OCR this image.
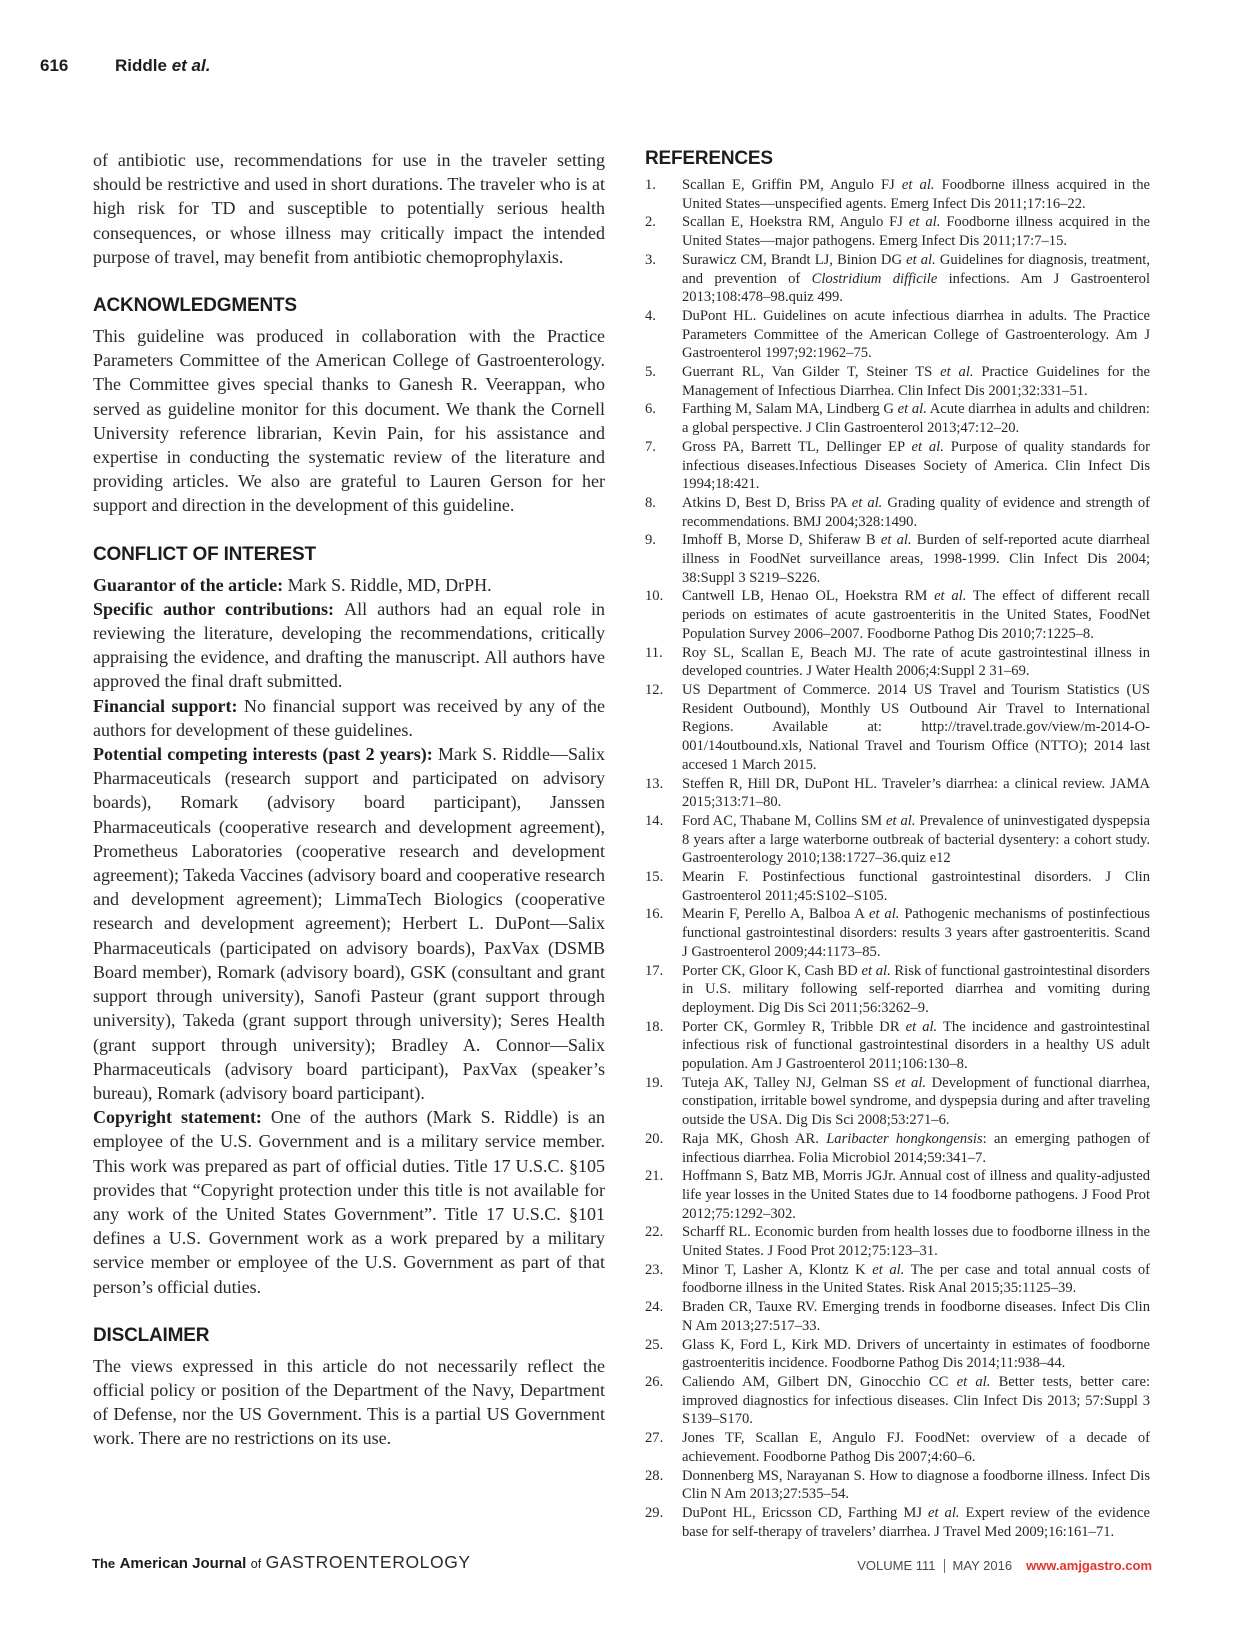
616	Riddle et al.

of antibiotic use, recommendations for use in the traveler setting should be restrictive and used in short durations. The traveler who is at high risk for TD and susceptible to potentially serious health consequences, or whose illness may critically impact the intended purpose of travel, may benefit from antibiotic chemoprophylaxis.

ACKNOWLEDGMENTS

This guideline was produced in collaboration with the Practice Parameters Committee of the American College of Gastroenterology. The Committee gives special thanks to Ganesh R. Veerappan, who served as guideline monitor for this document. We thank the Cornell University reference librarian, Kevin Pain, for his assistance and expertise in conducting the systematic review of the literature and providing articles. We also are grateful to Lauren Gerson for her support and direction in the development of this guideline.

CONFLICT OF INTEREST

Guarantor of the article: Mark S. Riddle, MD, DrPH.

Specific author contributions: All authors had an equal role in reviewing the literature, developing the recommendations, critically appraising the evidence, and drafting the manuscript. All authors have approved the final draft submitted.

Financial support: No financial support was received by any of the authors for development of these guidelines.

Potential competing interests (past 2 years): Mark S. Riddle—Salix Pharmaceuticals (research support and participated on advisory boards), Romark (advisory board participant), Janssen Pharmaceuticals (cooperative research and development agreement), Prometheus Laboratories (cooperative research and development agreement); Takeda Vaccines (advisory board and cooperative research and development agreement); LimmaTech Biologics (cooperative research and development agreement); Herbert L. DuPont—Salix Pharmaceuticals (participated on advisory boards), PaxVax (DSMB Board member), Romark (advisory board), GSK (consultant and grant support through university), Sanofi Pasteur (grant support through university), Takeda (grant support through university); Seres Health (grant support through university); Bradley A. Connor—Salix Pharmaceuticals (advisory board participant), PaxVax (speaker’s bureau), Romark (advisory board participant).

Copyright statement: One of the authors (Mark S. Riddle) is an employee of the U.S. Government and is a military service member. This work was prepared as part of official duties. Title 17 U.S.C. §105 provides that “Copyright protection under this title is not available for any work of the United States Government”. Title 17 U.S.C. §101 defines a U.S. Government work as a work prepared by a military service member or employee of the U.S. Government as part of that person’s official duties.

DISCLAIMER

The views expressed in this article do not necessarily reflect the official policy or position of the Department of the Navy, Department of Defense, nor the US Government. This is a partial US Government work. There are no restrictions on its use.

REFERENCES
1.	Scallan E, Griffin PM, Angulo FJ et al. Foodborne illness acquired in the United States—unspecified agents. Emerg Infect Dis 2011;17:16–22.
2.	Scallan E, Hoekstra RM, Angulo FJ et al. Foodborne illness acquired in the United States—major pathogens. Emerg Infect Dis 2011;17:7–15.
3.	Surawicz CM, Brandt LJ, Binion DG et al. Guidelines for diagnosis, treatment, and prevention of Clostridium difficile infections. Am J Gastroenterol 2013;108:478–98.quiz 499.
4.	DuPont HL. Guidelines on acute infectious diarrhea in adults. The Practice Parameters Committee of the American College of Gastroenterology. Am J Gastroenterol 1997;92:1962–75.
5.	Guerrant RL, Van Gilder T, Steiner TS et al. Practice Guidelines for the Management of Infectious Diarrhea. Clin Infect Dis 2001;32:331–51.
6.	Farthing M, Salam MA, Lindberg G et al. Acute diarrhea in adults and children: a global perspective. J Clin Gastroenterol 2013;47:12–20.
7.	Gross PA, Barrett TL, Dellinger EP et al. Purpose of quality standards for infectious diseases.Infectious Diseases Society of America. Clin Infect Dis 1994;18:421.
8.	Atkins D, Best D, Briss PA et al. Grading quality of evidence and strength of recommendations. BMJ 2004;328:1490.
9.	Imhoff B, Morse D, Shiferaw B et al. Burden of self-reported acute diarrheal illness in FoodNet surveillance areas, 1998-1999. Clin Infect Dis 2004; 38:Suppl 3 S219–S226.
10.	Cantwell LB, Henao OL, Hoekstra RM et al. The effect of different recall periods on estimates of acute gastroenteritis in the United States, FoodNet Population Survey 2006–2007. Foodborne Pathog Dis 2010;7:1225–8.
11.	Roy SL, Scallan E, Beach MJ. The rate of acute gastrointestinal illness in developed countries. J Water Health 2006;4:Suppl 2 31–69.
12.	US Department of Commerce. 2014 US Travel and Tourism Statistics (US Resident Outbound), Monthly US Outbound Air Travel to International Regions. Available at: http://travel.trade.gov/view/m-2014-O-001/14outbound.xls, National Travel and Tourism Office (NTTO); 2014 last accesed 1 March 2015.
13.	Steffen R, Hill DR, DuPont HL. Traveler’s diarrhea: a clinical review. JAMA 2015;313:71–80.
14.	Ford AC, Thabane M, Collins SM et al. Prevalence of uninvestigated dyspepsia 8 years after a large waterborne outbreak of bacterial dysentery: a cohort study. Gastroenterology 2010;138:1727–36.quiz e12
15.	Mearin F. Postinfectious functional gastrointestinal disorders. J Clin Gastroenterol 2011;45:S102–S105.
16.	Mearin F, Perello A, Balboa A et al. Pathogenic mechanisms of postinfectious functional gastrointestinal disorders: results 3 years after gastroenteritis. Scand J Gastroenterol 2009;44:1173–85.
17.	Porter CK, Gloor K, Cash BD et al. Risk of functional gastrointestinal disorders in U.S. military following self-reported diarrhea and vomiting during deployment. Dig Dis Sci 2011;56:3262–9.
18.	Porter CK, Gormley R, Tribble DR et al. The incidence and gastrointestinal infectious risk of functional gastrointestinal disorders in a healthy US adult population. Am J Gastroenterol 2011;106:130–8.
19.	Tuteja AK, Talley NJ, Gelman SS et al. Development of functional diarrhea, constipation, irritable bowel syndrome, and dyspepsia during and after traveling outside the USA. Dig Dis Sci 2008;53:271–6.
20.	Raja MK, Ghosh AR. Laribacter hongkongensis: an emerging pathogen of infectious diarrhea. Folia Microbiol 2014;59:341–7.
21.	Hoffmann S, Batz MB, Morris JGJr. Annual cost of illness and quality-adjusted life year losses in the United States due to 14 foodborne pathogens. J Food Prot 2012;75:1292–302.
22.	Scharff RL. Economic burden from health losses due to foodborne illness in the United States. J Food Prot 2012;75:123–31.
23.	Minor T, Lasher A, Klontz K et al. The per case and total annual costs of foodborne illness in the United States. Risk Anal 2015;35:1125–39.
24.	Braden CR, Tauxe RV. Emerging trends in foodborne diseases. Infect Dis Clin N Am 2013;27:517–33.
25.	Glass K, Ford L, Kirk MD. Drivers of uncertainty in estimates of foodborne gastroenteritis incidence. Foodborne Pathog Dis 2014;11:938–44.
26.	Caliendo AM, Gilbert DN, Ginocchio CC et al. Better tests, better care: improved diagnostics for infectious diseases. Clin Infect Dis 2013; 57:Suppl 3 S139–S170.
27.	Jones TF, Scallan E, Angulo FJ. FoodNet: overview of a decade of achievement. Foodborne Pathog Dis 2007;4:60–6.
28.	Donnenberg MS, Narayanan S. How to diagnose a foodborne illness. Infect Dis Clin N Am 2013;27:535–54.
29.	DuPont HL, Ericsson CD, Farthing MJ et al. Expert review of the evidence base for self-therapy of travelers’ diarrhea. J Travel Med 2009;16:161–71.
The American Journal of GASTROENTEROLOGY	VOLUME 111 MAY 2016 www.amjgastro.com
